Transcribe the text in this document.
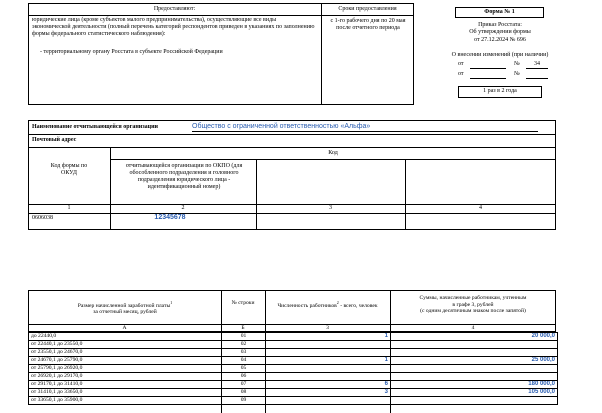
Предоставляют:	Сроки предоставления
юридические лица (кроме субъектов малого предпринимательства), осуществляющие все виды экономической деятельности (полный перечень категорий респондентов приведен в указаниях по заполнению формы федерального статистического наблюдения):
- территориальному органу Росстата в субъекте Российской Федерации
с 1-го рабочего дня по 20 мая после отчетного периода
Форма № 1
Приказ Росстата:
Об утверждении формы
от 27.12.2024 № 696
О внесении изменений (при наличии)
от	№	34
от	№
1 раз в 2 года
Наименование отчитывающейся организации	Общество с ограниченной ответственностью «Альфа»
Почтовый адрес
Код
Код формы по ОКУД
отчитывающейся организации по ОКПО (для обособленного подразделения и головного подразделения юридического лица - идентификационный номер)
1	2	3	4
0606038	12345678
Размер начисленной заработной платы$^1$
за отчетный месяц, рублей
№ строки	Численность работников$^2$ - всего, человек
Суммы, начисленные работникам, учтенным
в графе 3, рублей
(с одним десятичным знаком после запятой)
А	Б	3	4
до 22440,0	01	1	20 000,0
от 22440,1 до 23550,0	02		
от 23550,1 до 24670,0	03		
от 24670,1 до 25790,0	04	1	25 000,0
от 25790,1 до 26920,0	05		
от 26920,1 до 29170,0	06		
от 29170,1 до 31410,0	07	6	180 000,0
от 31410,1 до 33650,0	08	3	105 000,0
от 33650,1 до 35900,0	09		
